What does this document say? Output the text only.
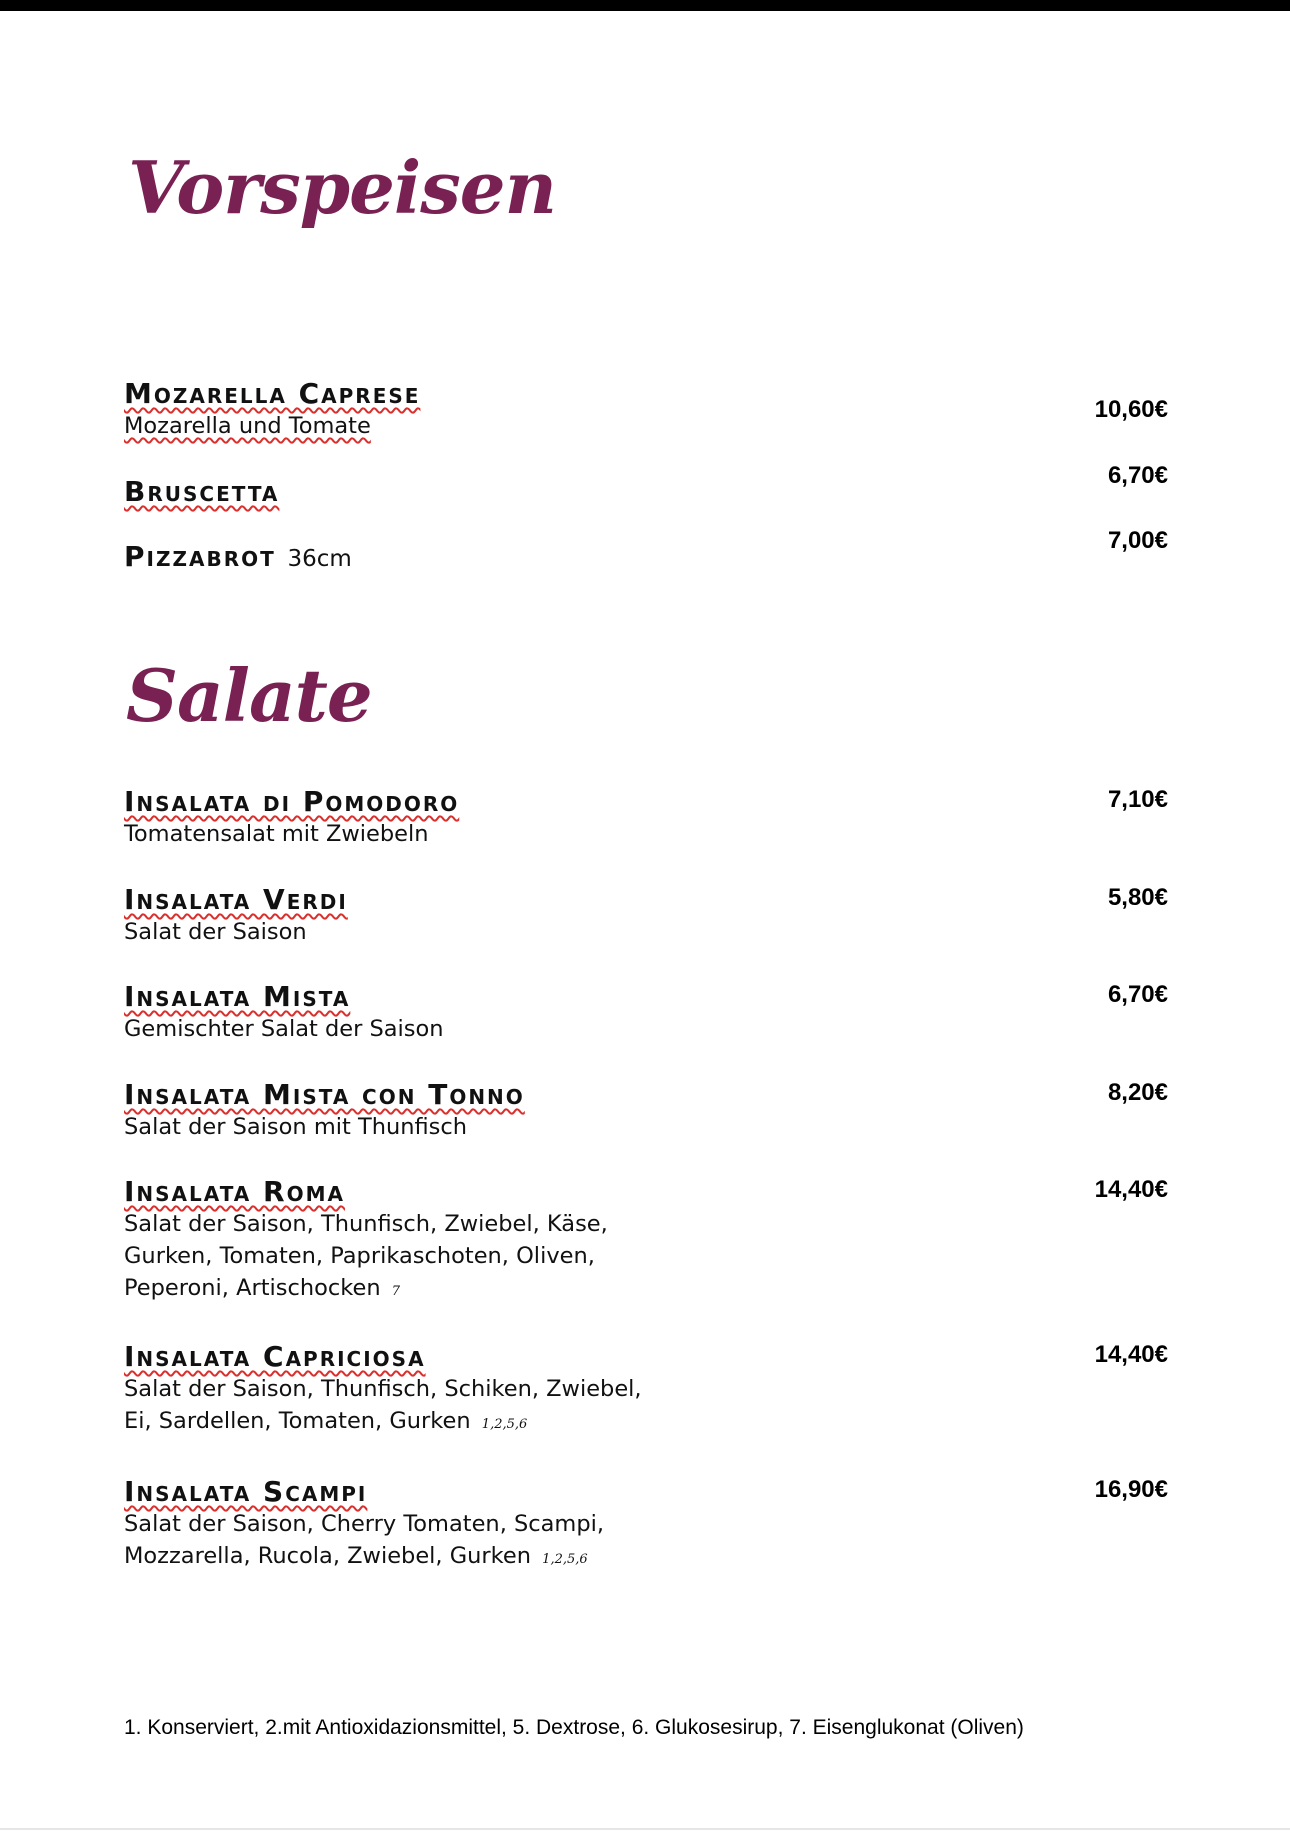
Vorspeisen
Mozarella Caprese
Mozarella und Tomate
10,60€
Bruscetta	6,70€
Pizzabrot 36cm
7,00€
Salate
Insalata di Pomodoro
Tomatensalat mit Zwiebeln
7,10€
Insalata Verdi
Salat der Saison
5,80€
Insalata Mista
Gemischter Salat der Saison
6,70€
Insalata Mista con Tonno
Salat der Saison mit Thunfisch
8,20€
Insalata Roma
Salat der Saison, Thunfisch, Zwiebel, Käse,
Gurken, Tomaten, Paprikaschoten, Oliven,
Peperoni, Artischocken 7
14,40€
Insalata Capriciosa
Salat der Saison, Thunfisch, Schiken, Zwiebel,
Ei, Sardellen, Tomaten, Gurken 1,2,5,6
14,40€
Insalata Scampi
Salat der Saison, Cherry Tomaten, Scampi,
Mozzarella, Rucola, Zwiebel, Gurken 1,2,5,6
16,90€
1. Konserviert, 2.mit Antioxidazionsmittel, 5. Dextrose, 6. Glukosesirup, 7. Eisenglukonat (Oliven)
